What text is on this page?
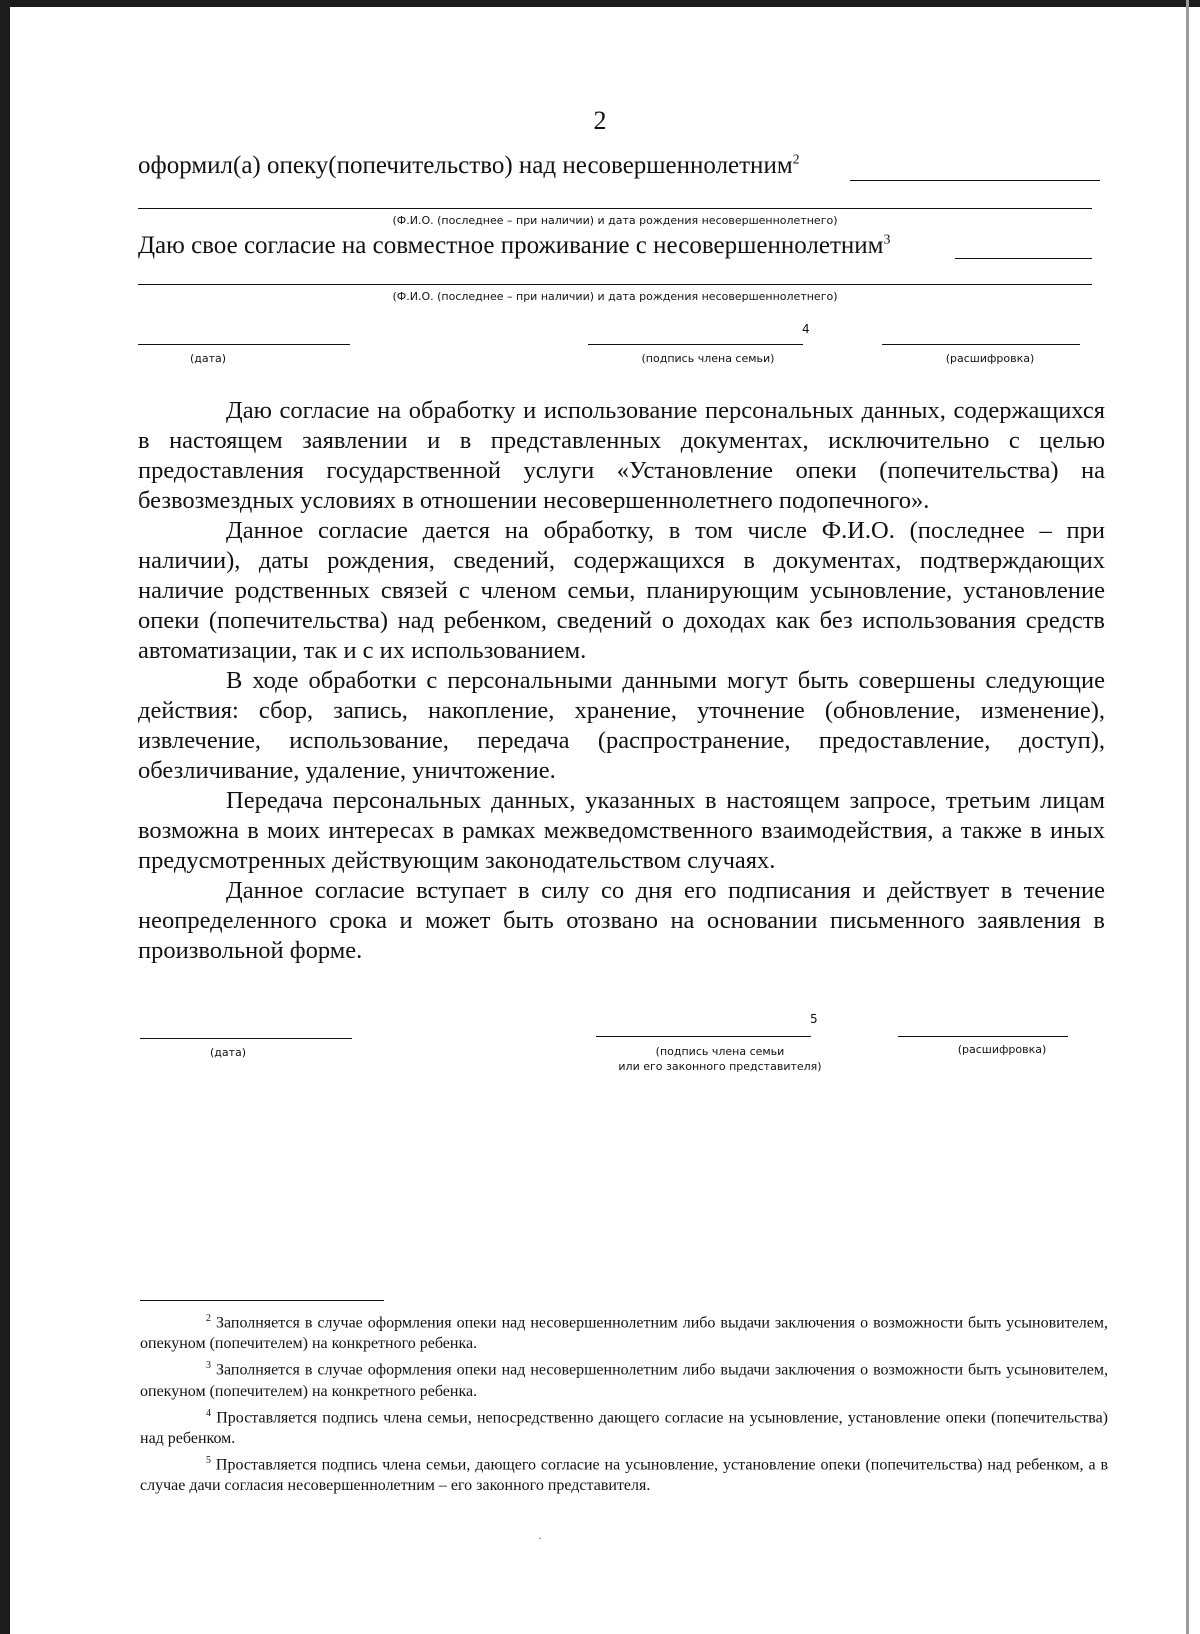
2
оформил(а) опеку(попечительство) над несовершеннолетним$^2$
(Ф.И.О. (последнее – при наличии) и дата рождения несовершеннолетнего)
Даю свое согласие на совместное проживание с несовершеннолетним$^3$
(Ф.И.О. (последнее – при наличии) и дата рождения несовершеннолетнего)
4
(дата)	(подпись члена семьи)	(расшифровка)

Даю согласие на обработку и использование персональных данных, содержащихся в настоящем заявлении и в представленных документах, исключительно с целью предоставления государственной услуги «Установление опеки (попечительства) на безвозмездных условиях в отношении несовершеннолетнего подопечного».

Данное согласие дается на обработку, в том числе Ф.И.О. (последнее – при наличии), даты рождения, сведений, содержащихся в документах, подтверждающих наличие родственных связей с членом семьи, планирующим усыновление, установление опеки (попечительства) над ребенком, сведений о доходах как без использования средств автоматизации, так и с их использованием.

В ходе обработки с персональными данными могут быть совершены следующие действия: сбор, запись, накопление, хранение, уточнение (обновление, изменение), извлечение, использование, передача (распространение, предоставление, доступ), обезличивание, удаление, уничтожение.

Передача персональных данных, указанных в настоящем запросе, третьим лицам возможна в моих интересах в рамках межведомственного взаимодействия, а также в иных предусмотренных действующим законодательством случаях.

Данное согласие вступает в силу со дня его подписания и действует в течение неопределенного срока и может быть отозвано на основании письменного заявления в произвольной форме.

5
(дата)	(подпись члена семьи
или его законного представителя)
(расшифровка)

$^2$ Заполняется в случае оформления опеки над несовершеннолетним либо выдачи заключения о возможности быть усыновителем, опекуном (попечителем) на конкретного ребенка.

$^3$ Заполняется в случае оформления опеки над несовершеннолетним либо выдачи заключения о возможности быть усыновителем, опекуном (попечителем) на конкретного ребенка.

$^4$ Проставляется подпись члена семьи, непосредственно дающего согласие на усыновление, установление опеки (попечительства) над ребенком.

$^5$ Проставляется подпись члена семьи, дающего согласие на усыновление, установление опеки (попечительства) над ребенком, а в случае дачи согласия несовершеннолетним – его законного представителя.

·
